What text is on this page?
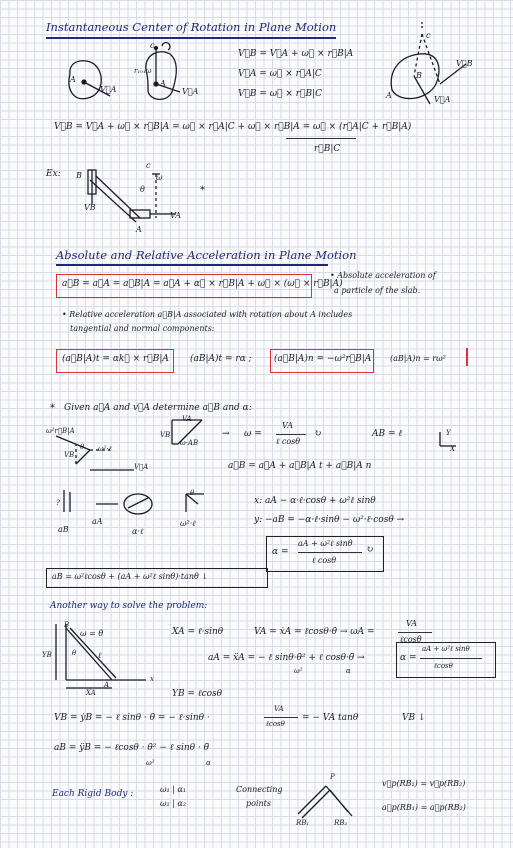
Instantaneous Center of Rotation in Plane Motion
A
V⃗A
c
r₁₀₁ω
A
V⃗A
V⃗B = V⃗A + ω⃗ × r⃗B|A
V⃗A = ω⃗ × r⃗A|C
V⃗B = ω⃗ × r⃗B|C
c
B
A
V⃗B
V⃗A
V⃗B = V⃗A + ω⃗ × r⃗B|A = ω⃗ × r⃗A|C + ω⃗ × r⃗B|A = ω⃗ × (r⃗A|C + r⃗B|A)
r⃗B|C
Ex: B
c
ω
θ
VB
VA
A
*
Absolute and Relative Acceleration in Plane Motion
a⃗B = a⃗A = a⃗B|A = a⃗A + α⃗ × r⃗B|A + ω⃗ × (ω⃗ × r⃗B|A)
• Absolute acceleration of
a particle of the slab.
• Relative acceleration a⃗B|A associated with rotation about A includes
tangential and normal components:
(a⃗B|A)t = αk⃗ × r⃗B|A (aB|A)t = rα ; (a⃗B|A)n = −ω²r⃗B|A (aB|A)n = rω²
* Given a⃗A and v⃗A determine a⃗B and α:
VA
VB
ω·AB
→ ω =
VA
ℓ cosθ
↻	AB = ℓ	Y
X
ω²r⃗B|A
VB
θ ω²·ℓ
V⃗A	a⃗B = a⃗A + a⃗B|A t + a⃗B|A n
?
aB
aA
α·ℓ
θ
ω²·ℓ
x: aA − α·ℓ·cosθ + ω²ℓ sinθ
y: −aB = −α·ℓ·sinθ − ω²·ℓ·cosθ →
α =
aA + ω²ℓ sinθ
ℓ cosθ
↻
aB = ω²ℓcosθ + (aA + ω²ℓ sinθ)·tanθ ↓
Another way to solve the problem:
B
YB
ω = θ̇
ℓ
θ
A
XA
x
XA = ℓ·sinθ	VA = ẋA = ℓcosθ·θ̇ → ωA =
VA
ℓcosθ
aA = ẍA = − ℓ sinθ·θ̇² + ℓ cosθ·θ̈ →
ω²	α
α =
aA + ω²ℓ sinθ
ℓcosθ
YB = ℓcosθ
VB = ẏB = − ℓ sinθ · θ̇ = − ℓ·sinθ ·
VA
ℓcosθ
= − VA tanθ	VB ↓
aB = ÿB = − ℓcosθ · θ̇² − ℓ sinθ · θ̈
ω²	α
Each Rigid Body :	ω₁ | α₁
ω₂ | α₂
Connecting
points
P
RB₁	RB₂
v⃗p(RB₁) = v⃗p(RB₂)
a⃗p(RB₁) = a⃗p(RB₂)
